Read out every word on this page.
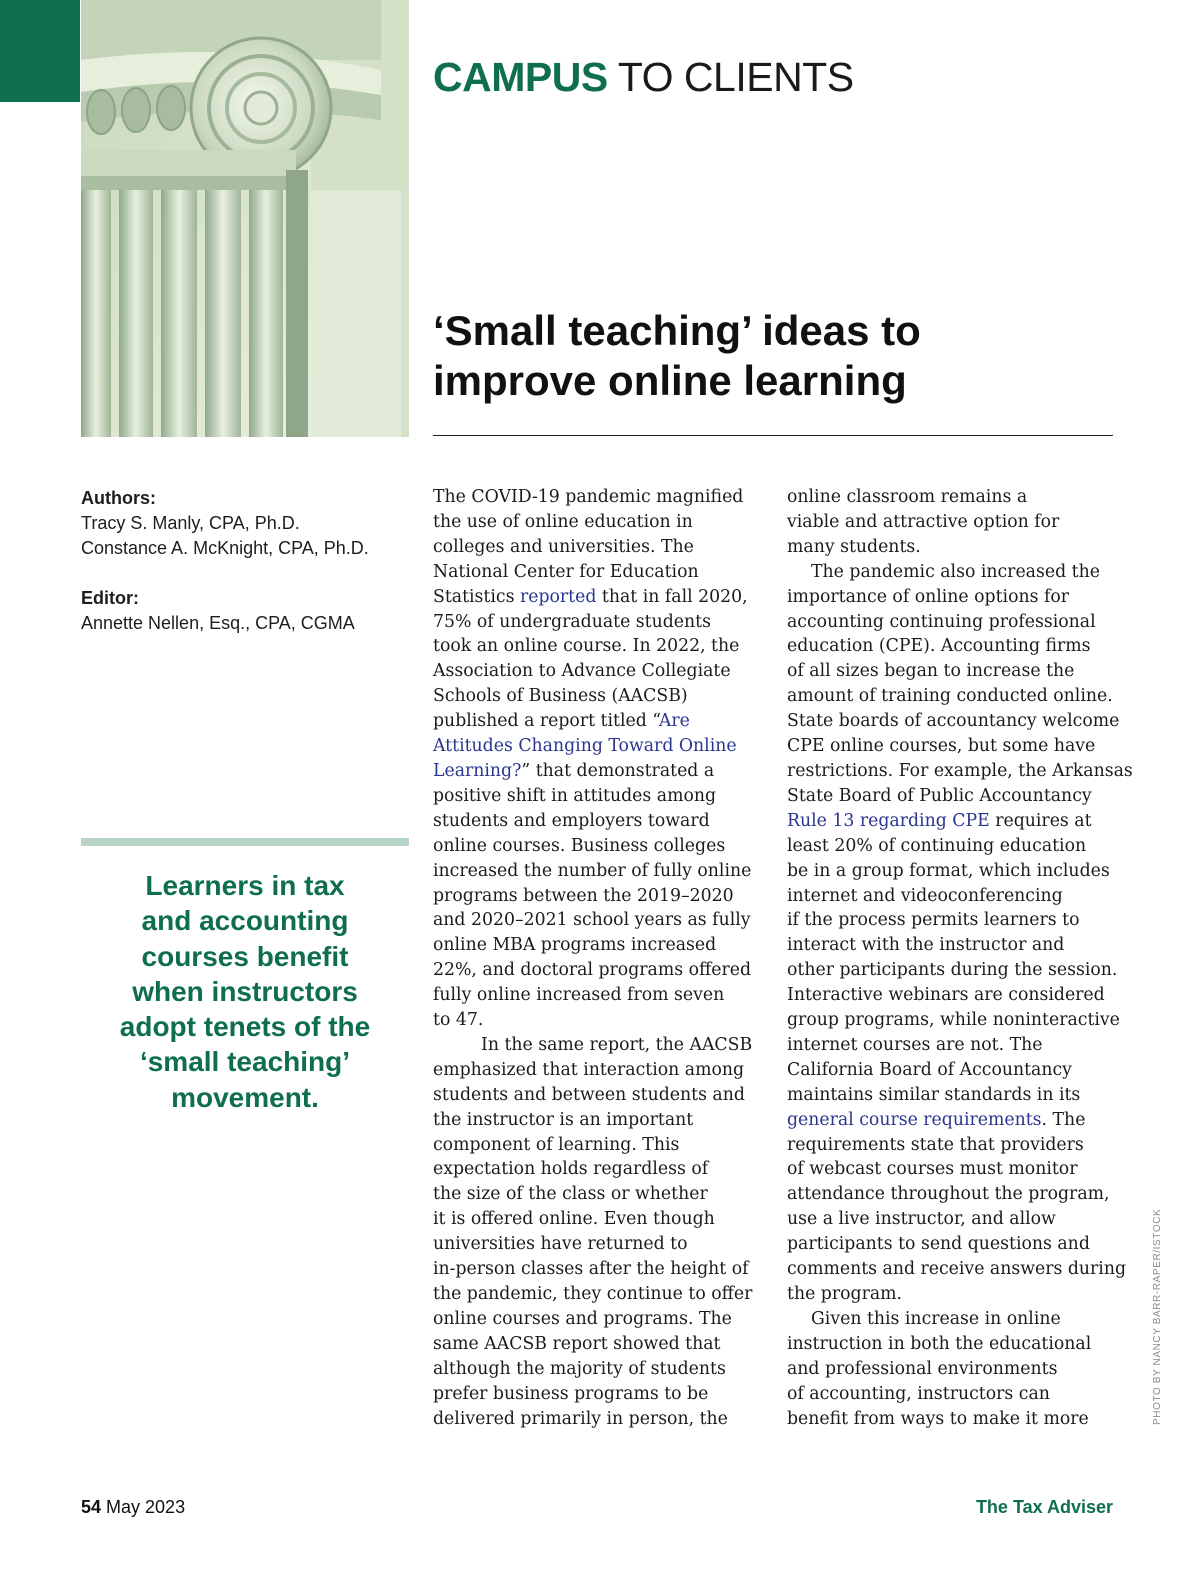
CAMPUS TO CLIENTS
‘Small teaching’ ideas to
improve online learning
Authors:
Tracy S. Manly, CPA, Ph.D.
Constance A. McKnight, CPA, Ph.D.
Editor:
Annette Nellen, Esq., CPA, CGMA
Learners in tax
and accounting
courses benefit
when instructors
adopt tenets of the
‘small teaching’
movement.

The COVID-19 pandemic magnified
the use of online education in
colleges and universities. The
National Center for Education
Statistics reported that in fall 2020,
75% of undergraduate students
took an online course. In 2022, the
Association to Advance Collegiate
Schools of Business (AACSB)
published a report titled “Are
Attitudes Changing Toward Online
Learning?” that demonstrated a
positive shift in attitudes among
students and employers toward
online courses. Business colleges
increased the number of fully online
programs between the 2019–2020
and 2020–2021 school years as fully
online MBA programs increased
22%, and doctoral programs offered
fully online increased from seven
to 47.

In the same report, the AACSB
emphasized that interaction among
students and between students and
the instructor is an important
component of learning. This
expectation holds regardless of
the size of the class or whether
it is offered online. Even though
universities have returned to
in-person classes after the height of
the pandemic, they continue to offer
online courses and programs. The
same AACSB report showed that
although the majority of students
prefer business programs to be
delivered primarily in person, the

online classroom remains a
viable and attractive option for
many students.

The pandemic also increased the
importance of online options for
accounting continuing professional
education (CPE). Accounting firms
of all sizes began to increase the
amount of training conducted online.
State boards of accountancy welcome
CPE online courses, but some have
restrictions. For example, the Arkansas
State Board of Public Accountancy
Rule 13 regarding CPE requires at
least 20% of continuing education
be in a group format, which includes
internet and videoconferencing
if the process permits learners to
interact with the instructor and
other participants during the session.
Interactive webinars are considered
group programs, while noninteractive
internet courses are not. The
California Board of Accountancy
maintains similar standards in its
general course requirements. The
requirements state that providers
of webcast courses must monitor
attendance throughout the program,
use a live instructor, and allow
participants to send questions and
comments and receive answers during
the program.

Given this increase in online
instruction in both the educational
and professional environments
of accounting, instructors can
benefit from ways to make it more	PHOTO BY NANCY BARR-RAPER/ISTOCK
54 May 2023	The Tax Adviser
